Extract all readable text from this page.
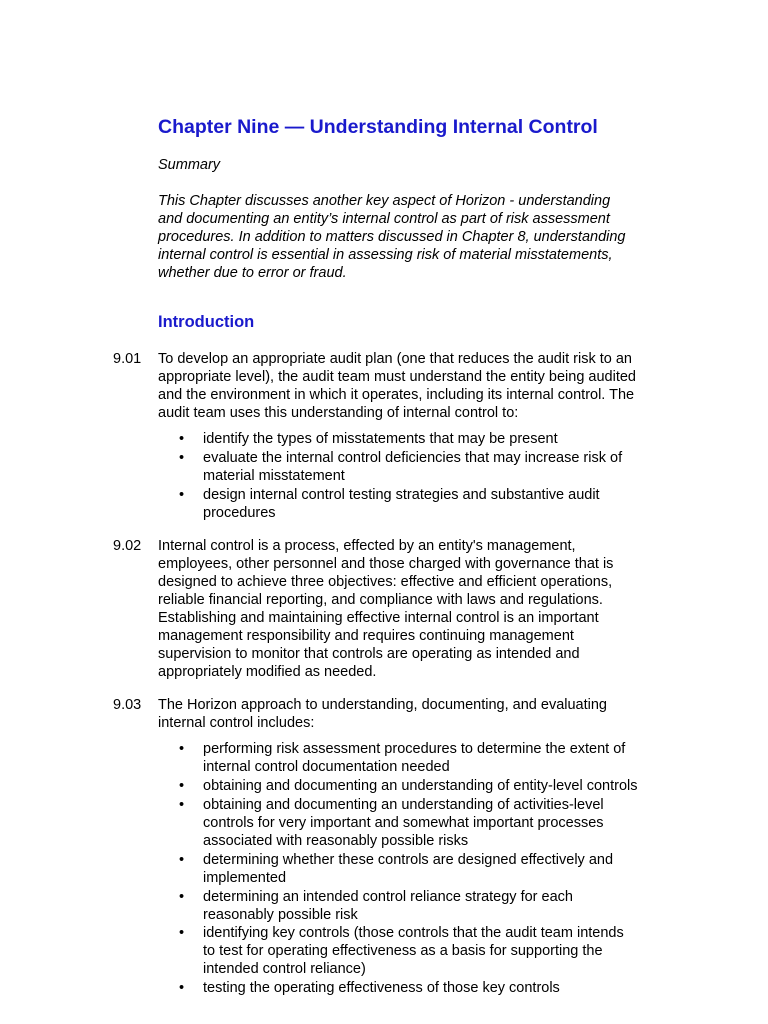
Chapter Nine — Understanding Internal Control

Summary

This Chapter discusses another key aspect of Horizon - understanding
and documenting an entity’s internal control as part of risk assessment
procedures. In addition to matters discussed in Chapter 8, understanding
internal control is essential in assessing risk of material misstatements,
whether due to error or fraud.
Introduction
9.01 To develop an appropriate audit plan (one that reduces the audit risk to an
appropriate level), the audit team must understand the entity being audited
and the environment in which it operates, including its internal control. The
audit team uses this understanding of internal control to:
• identify the types of misstatements that may be present
• evaluate the internal control deficiencies that may increase risk of
material misstatement
• design internal control testing strategies and substantive audit
procedures
9.02 Internal control is a process, effected by an entity's management,
employees, other personnel and those charged with governance that is
designed to achieve three objectives: effective and efficient operations,
reliable financial reporting, and compliance with laws and regulations.
Establishing and maintaining effective internal control is an important
management responsibility and requires continuing management
supervision to monitor that controls are operating as intended and
appropriately modified as needed.
9.03 The Horizon approach to understanding, documenting, and evaluating
internal control includes:
• performing risk assessment procedures to determine the extent of
internal control documentation needed
• obtaining and documenting an understanding of entity-level controls
• obtaining and documenting an understanding of activities-level
controls for very important and somewhat important processes
associated with reasonably possible risks
• determining whether these controls are designed effectively and
implemented
• determining an intended control reliance strategy for each
reasonably possible risk
• identifying key controls (those controls that the audit team intends
to test for operating effectiveness as a basis for supporting the
intended control reliance)
• testing the operating effectiveness of those key controls
